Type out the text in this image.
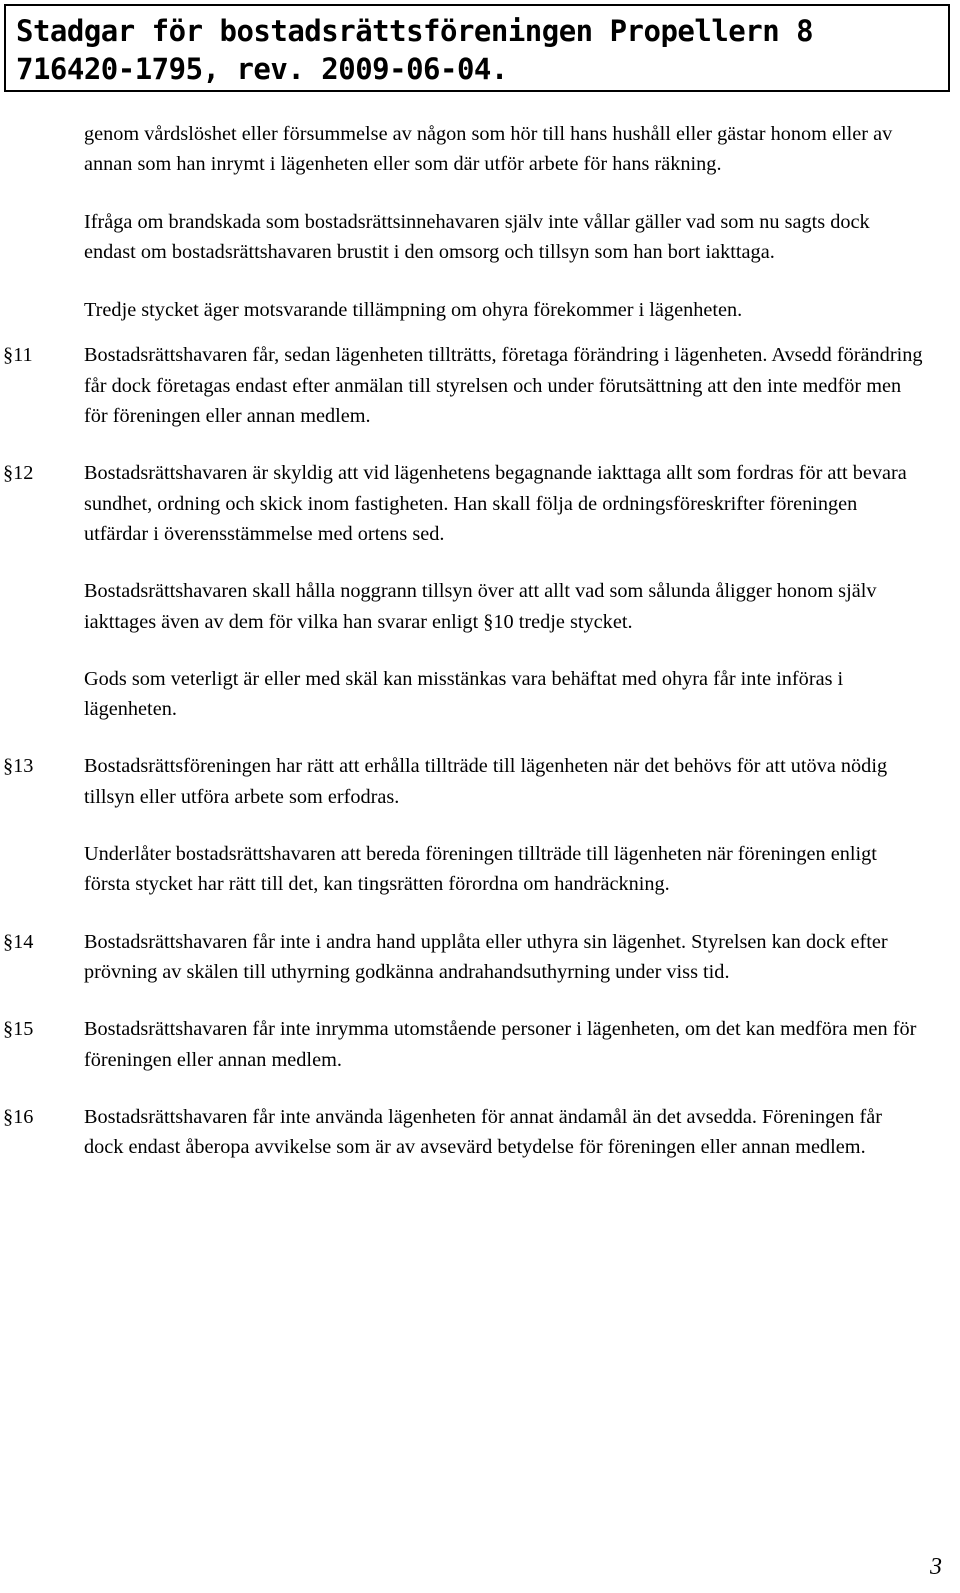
Stadgar för bostadsrättsföreningen Propellern 8
716420-1795, rev. 2009-06-04.
genom vårdslöshet eller försummelse av någon som hör till hans hushåll eller gästar honom eller av annan som han inrymt i lägenheten eller som där utför arbete för hans räkning.
Ifråga om brandskada som bostadsrättsinnehavaren själv inte vållar gäller vad som nu sagts dock endast om bostadsrättshavaren brustit i den omsorg och tillsyn som han bort iakttaga.
Tredje stycket äger motsvarande tillämpning om ohyra förekommer i lägenheten.
§11	Bostadsrättshavaren får, sedan lägenheten tillträtts, företaga förändring i lägenheten. Avsedd förändring får dock företagas endast efter anmälan till styrelsen och under förutsättning att den inte medför men för föreningen eller annan medlem.
§12 Bostadsrättshavaren är skyldig att vid lägenhetens begagnande iakttaga allt som fordras för att bevara sundhet, ordning och skick inom fastigheten. Han skall följa de ordningsföreskrifter föreningen utfärdar i överensstämmelse med ortens sed.
Bostadsrättshavaren skall hålla noggrann tillsyn över att allt vad som sålunda åligger honom själv iakttages även av dem för vilka han svarar enligt §10 tredje stycket.
Gods som veterligt är eller med skäl kan misstänkas vara behäftat med ohyra får inte införas i lägenheten.
§13 Bostadsrättsföreningen har rätt att erhålla tillträde till lägenheten när det behövs för att utöva nödig tillsyn eller utföra arbete som erfodras.
Underlåter bostadsrättshavaren att bereda föreningen tillträde till lägenheten när föreningen enligt första stycket har rätt till det, kan tingsrätten förordna om handräckning.
§14 Bostadsrättshavaren får inte i andra hand upplåta eller uthyra sin lägenhet. Styrelsen kan dock efter prövning av skälen till uthyrning godkänna andrahandsuthyrning under viss tid.
§15 Bostadsrättshavaren får inte inrymma utomstående personer i lägenheten, om det kan medföra men för föreningen eller annan medlem.
§16 Bostadsrättshavaren får inte använda lägenheten för annat ändamål än det avsedda. Föreningen får dock endast åberopa avvikelse som är av avsevärd betydelse för föreningen eller annan medlem.
3
